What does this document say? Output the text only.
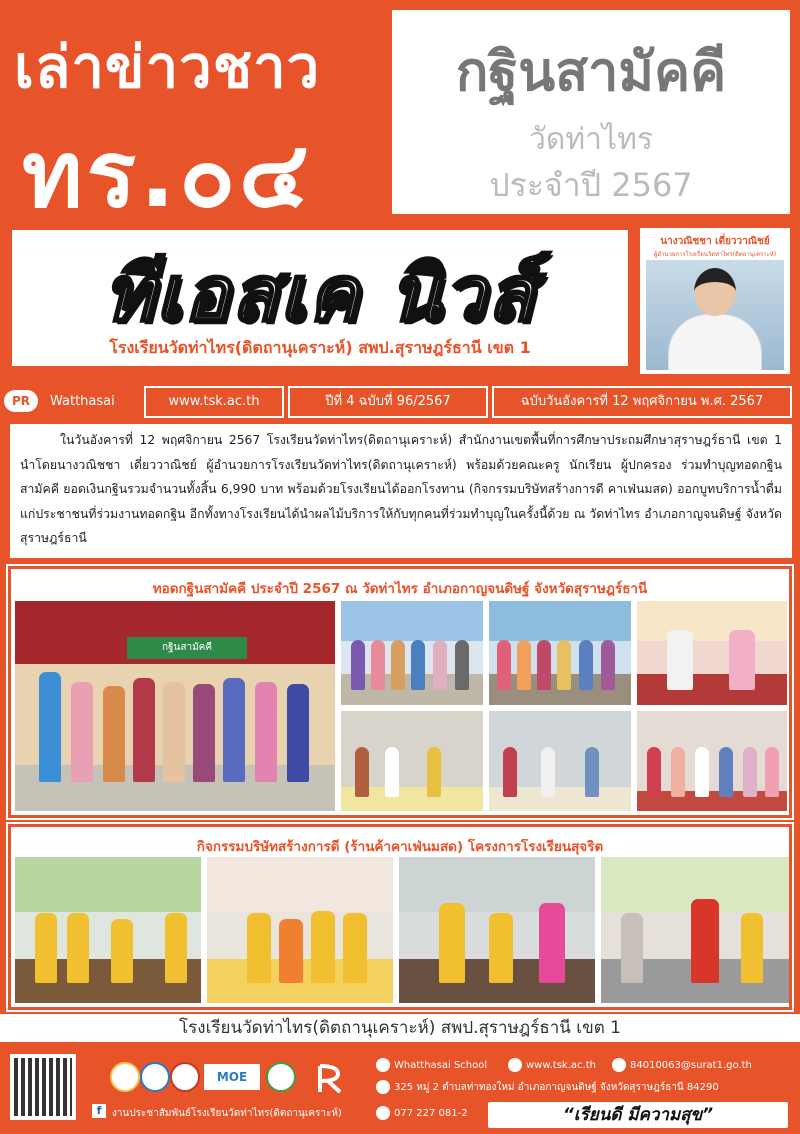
เล่าข่าวชาว
ทร.๐๔
กฐินสามัคคี
วัดท่าไทร
ประจำปี 2567
ทีเอสเค นิวส์
โรงเรียนวัดท่าไทร(ดิตถานุเคราะห์) สพป.สุราษฎร์ธานี เขต 1
นางวณิชชา เดี่ยววาณิชย์
ผู้อำนวยการโรงเรียนวัดท่าไทร(ดิตถานุเคราะห์)
PR	Watthasai	www.tsk.ac.th	ปีที่ 4 ฉบับที่ 96/2567	ฉบับวันอังคารที่ 12 พฤศจิกายน พ.ศ. 2567

ในวันอังคารที่ 12 พฤศจิกายน 2567 โรงเรียนวัดท่าไทร(ดิตถานุเคราะห์) สำนักงานเขตพื้นที่การศึกษาประถมศึกษาสุราษฎร์ธานี เขต 1 นำโดยนางวณิชชา เดี่ยววาณิชย์ ผู้อำนวยการโรงเรียนวัดท่าไทร(ดิตถานุเคราะห์) พร้อมด้วยคณะครู นักเรียน ผู้ปกครอง ร่วมทำบุญทอดกฐินสามัคคี ยอดเงินกฐินรวมจำนวนทั้งสิ้น 6,990 บาท พร้อมด้วยโรงเรียนได้ออกโรงทาน (กิจกรรมบริษัทสร้างการดี คาเฟ่นมสด) ออกบูทบริการน้ำดื่ม แก่ประชาชนที่ร่วมงานทอดกฐิน อีกทั้งทางโรงเรียนได้นำผลไม้บริการให้กับทุกคนที่ร่วมทำบุญในครั้งนี้ด้วย ณ วัดท่าไทร อำเภอกาญจนดิษฐ์ จังหวัดสุราษฎร์ธานี

ทอดกฐินสามัคคี ประจำปี 2567 ณ วัดท่าไทร อำเภอกาญจนดิษฐ์ จังหวัดสุราษฎร์ธานี
กฐินสามัคคี
กิจกรรมบริษัทสร้างการดี (ร้านค้าคาเฟ่นมสด) โครงการโรงเรียนสุจริต
โรงเรียนวัดท่าไทร(ดิตถานุเคราะห์) สพป.สุราษฎร์ธานี เขต 1
MOE
Whatthasai School	www.tsk.ac.th	84010063@surat1.go.th
325 หมู่ 2 ตำบลท่าทองใหม่ อำเภอกาญจนดิษฐ์ จังหวัดสุราษฎร์ธานี 84290
f	งานประชาสัมพันธ์โรงเรียนวัดท่าไทร(ดิตถานุเคราะห์)	077 227 081-2	“เรียนดี มีความสุข”
